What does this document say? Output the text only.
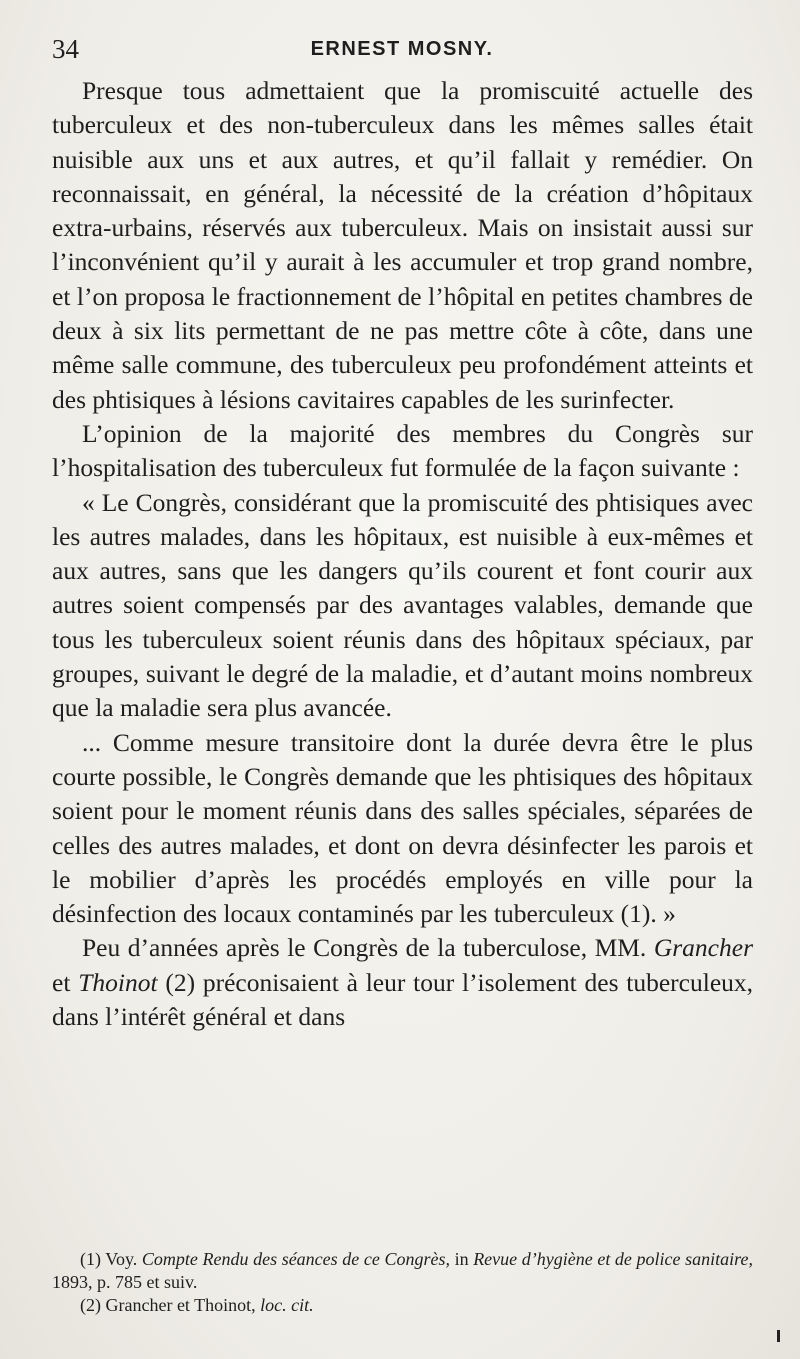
34	ERNEST MOSNY.

Presque tous admettaient que la promiscuité actuelle des tuberculeux et des non-tuberculeux dans les mêmes salles était nuisible aux uns et aux autres, et qu’il fallait y remédier. On reconnaissait, en général, la nécessité de la création d’hôpitaux extra-urbains, réservés aux tuberculeux. Mais on insistait aussi sur l’inconvénient qu’il y aurait à les accumuler et trop grand nombre, et l’on proposa le fractionnement de l’hôpital en petites chambres de deux à six lits permettant de ne pas mettre côte à côte, dans une même salle commune, des tuberculeux peu profondément atteints et des phtisiques à lésions cavitaires capables de les surinfecter.

L’opinion de la majorité des membres du Congrès sur l’hospitalisation des tuberculeux fut formulée de la façon suivante :

« Le Congrès, considérant que la promiscuité des phtisiques avec les autres malades, dans les hôpitaux, est nuisible à eux-mêmes et aux autres, sans que les dangers qu’ils courent et font courir aux autres soient compensés par des avantages valables, demande que tous les tuberculeux soient réunis dans des hôpitaux spéciaux, par groupes, suivant le degré de la maladie, et d’autant moins nombreux que la maladie sera plus avancée.

... Comme mesure transitoire dont la durée devra être le plus courte possible, le Congrès demande que les phtisiques des hôpitaux soient pour le moment réunis dans des salles spéciales, séparées de celles des autres malades, et dont on devra désinfecter les parois et le mobilier d’après les procédés employés en ville pour la désinfection des locaux contaminés par les tuberculeux (1). »

Peu d’années après le Congrès de la tuberculose, MM. Grancher et Thoinot (2) préconisaient à leur tour l’isolement des tuberculeux, dans l’intérêt général et dans

(1) Voy. Compte Rendu des séances de ce Congrès, in Revue d’hygiène et de police sanitaire, 1893, p. 785 et suiv.

(2) Grancher et Thoinot, loc. cit.
